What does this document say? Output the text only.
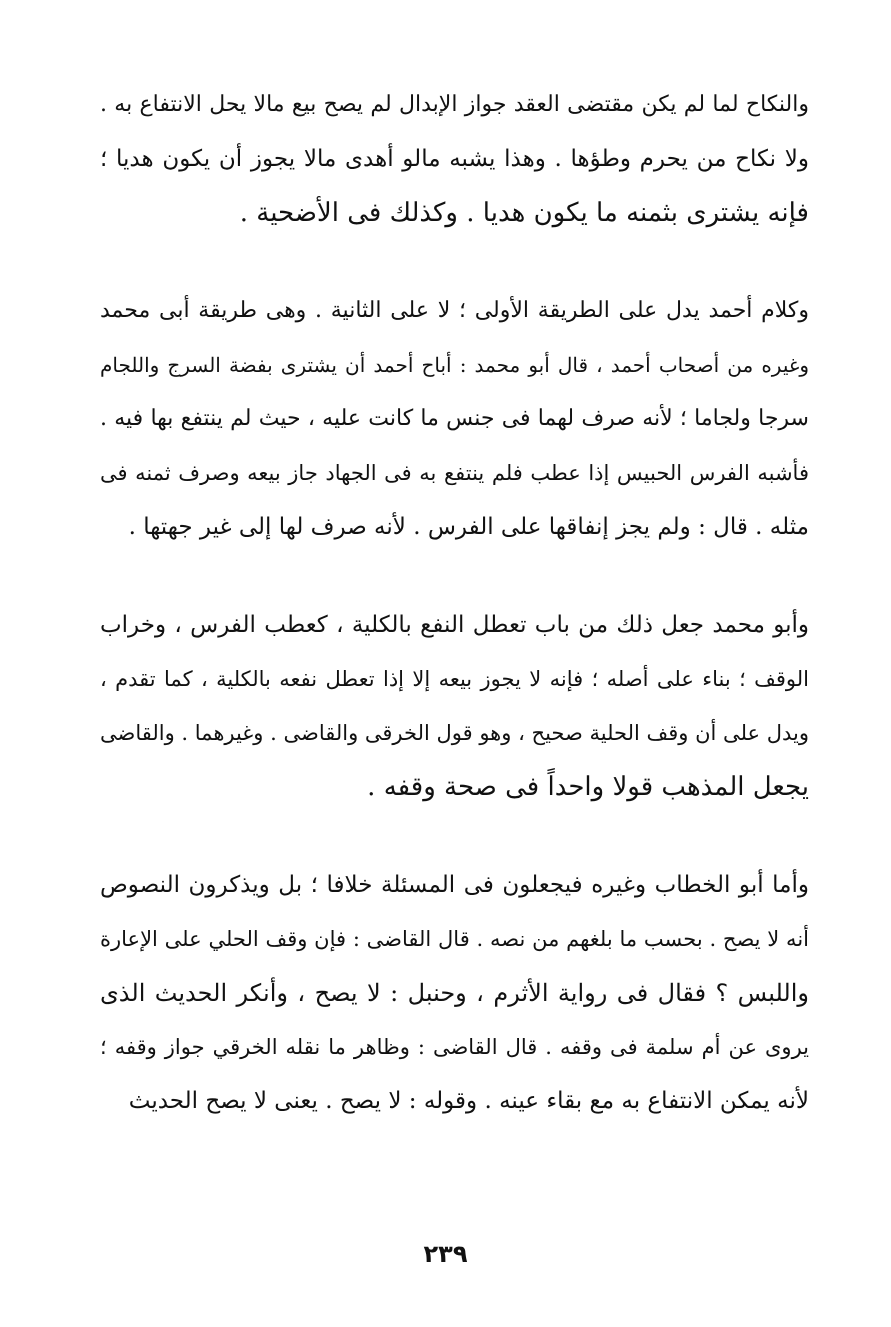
والنكاح لما لم يكن مقتضى العقد جواز الإبدال لم يصح بيع مالا يحل الانتفاع به .
ولا نكاح من يحرم وطؤها . وهذا يشبه مالو أهدى مالا يجوز أن يكون هديا ؛
فإنه يشترى بثمنه ما يكون هديا . وكذلك فى الأضحية .
وكلام أحمد يدل على الطريقة الأولى ؛ لا على الثانية . وهى طريقة أبى محمد
وغيره من أصحاب أحمد ، قال أبو محمد : أباح أحمد أن يشترى بفضة السرج واللجام
سرجا ولجاما ؛ لأنه صرف لهما فى جنس ما كانت عليه ، حيث لم ينتفع بها فيه .
فأشبه الفرس الحبيس إذا عطب فلم ينتفع به فى الجهاد جاز بيعه وصرف ثمنه فى
مثله . قال : ولم يجز إنفاقها على الفرس . لأنه صرف لها إلى غير جهتها .
وأبو محمد جعل ذلك من باب تعطل النفع بالكلية ، كعطب الفرس ، وخراب
الوقف ؛ بناء على أصله ؛ فإنه لا يجوز بيعه إلا إذا تعطل نفعه بالكلية ، كما تقدم ،
ويدل على أن وقف الحلية صحيح ، وهو قول الخرقى والقاضى . وغيرهما . والقاضى
يجعل المذهب قولا واحداً فى صحة وقفه .
وأما أبو الخطاب وغيره فيجعلون فى المسئلة خلافا ؛ بل ويذكرون النصوص
أنه لا يصح . بحسب ما بلغهم من نصه . قال القاضى : فإن وقف الحلي على الإعارة
واللبس ؟ فقال فى رواية الأثرم ، وحنبل : لا يصح ، وأنكر الحديث الذى
يروى عن أم سلمة فى وقفه . قال القاضى : وظاهر ما نقله الخرقي جواز وقفه ؛
لأنه يمكن الانتفاع به مع بقاء عينه . وقوله : لا يصح . يعنى لا يصح الحديث
٢٣٩
